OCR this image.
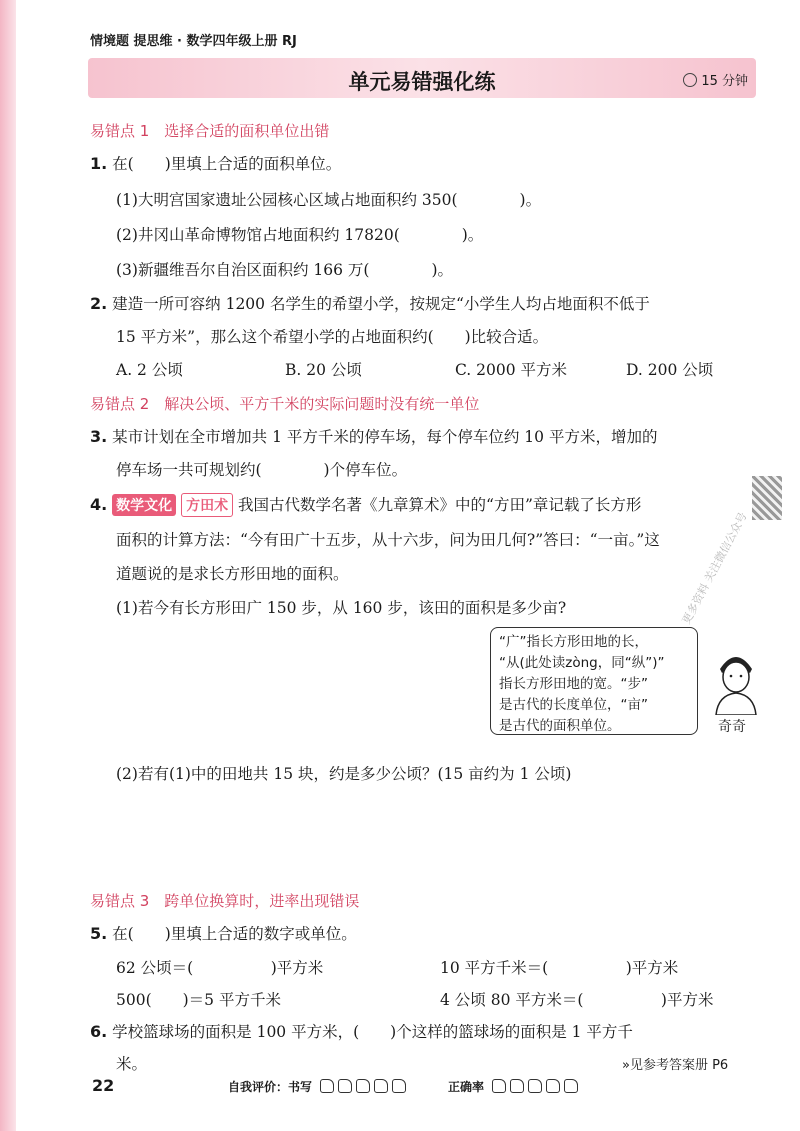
情境题 提思维 · 数学四年级上册 RJ
单元易错强化练	15 分钟
易错点 1　选择合适的面积单位出错
1. 在(　　)里填上合适的面积单位。
(1)大明宫国家遗址公园核心区域占地面积约 350(　　　　)。
(2)井冈山革命博物馆占地面积约 17820(　　　　)。
(3)新疆维吾尔自治区面积约 166 万(　　　　)。
2. 建造一所可容纳 1200 名学生的希望小学，按规定“小学生人均占地面积不低于
15 平方米”，那么这个希望小学的占地面积约(　　)比较合适。
A. 2 公顷	B. 20 公顷	C. 2000 平方米	D. 200 公顷
易错点 2　解决公顷、平方千米的实际问题时没有统一单位
3. 某市计划在全市增加共 1 平方千米的停车场，每个停车位约 10 平方米，增加的
停车场一共可规划约(　　　　)个停车位。
4. 数学文化 方田术 我国古代数学名著《九章算术》中的“方田”章记载了长方形
面积的计算方法：“今有田广十五步，从十六步，问为田几何?”答曰：“一亩。”这
道题说的是求长方形田地的面积。
(1)若今有长方形田广 150 步，从 160 步，该田的面积是多少亩?	更多资料 关注微信公众号
“广”指长方形田地的长，
“从(此处读zòng，同“纵”)”
指长方形田地的宽。“步”
是古代的长度单位，“亩”
是古代的面积单位。	奇奇
(2)若有(1)中的田地共 15 块，约是多少公顷？(15 亩约为 1 公顷)
易错点 3　跨单位换算时，进率出现错误
5. 在(　　)里填上合适的数字或单位。
62 公顷＝(　　　　　)平方米	10 平方千米＝(　　　　　)平方米
500(　　)＝5 平方千米	4 公顷 80 平方米＝(　　　　　)平方米
6. 学校篮球场的面积是 100 平方米，(　　)个这样的篮球场的面积是 1 平方千
米。
22	自我评价：书写	正确率
»见参考答案册 P6
